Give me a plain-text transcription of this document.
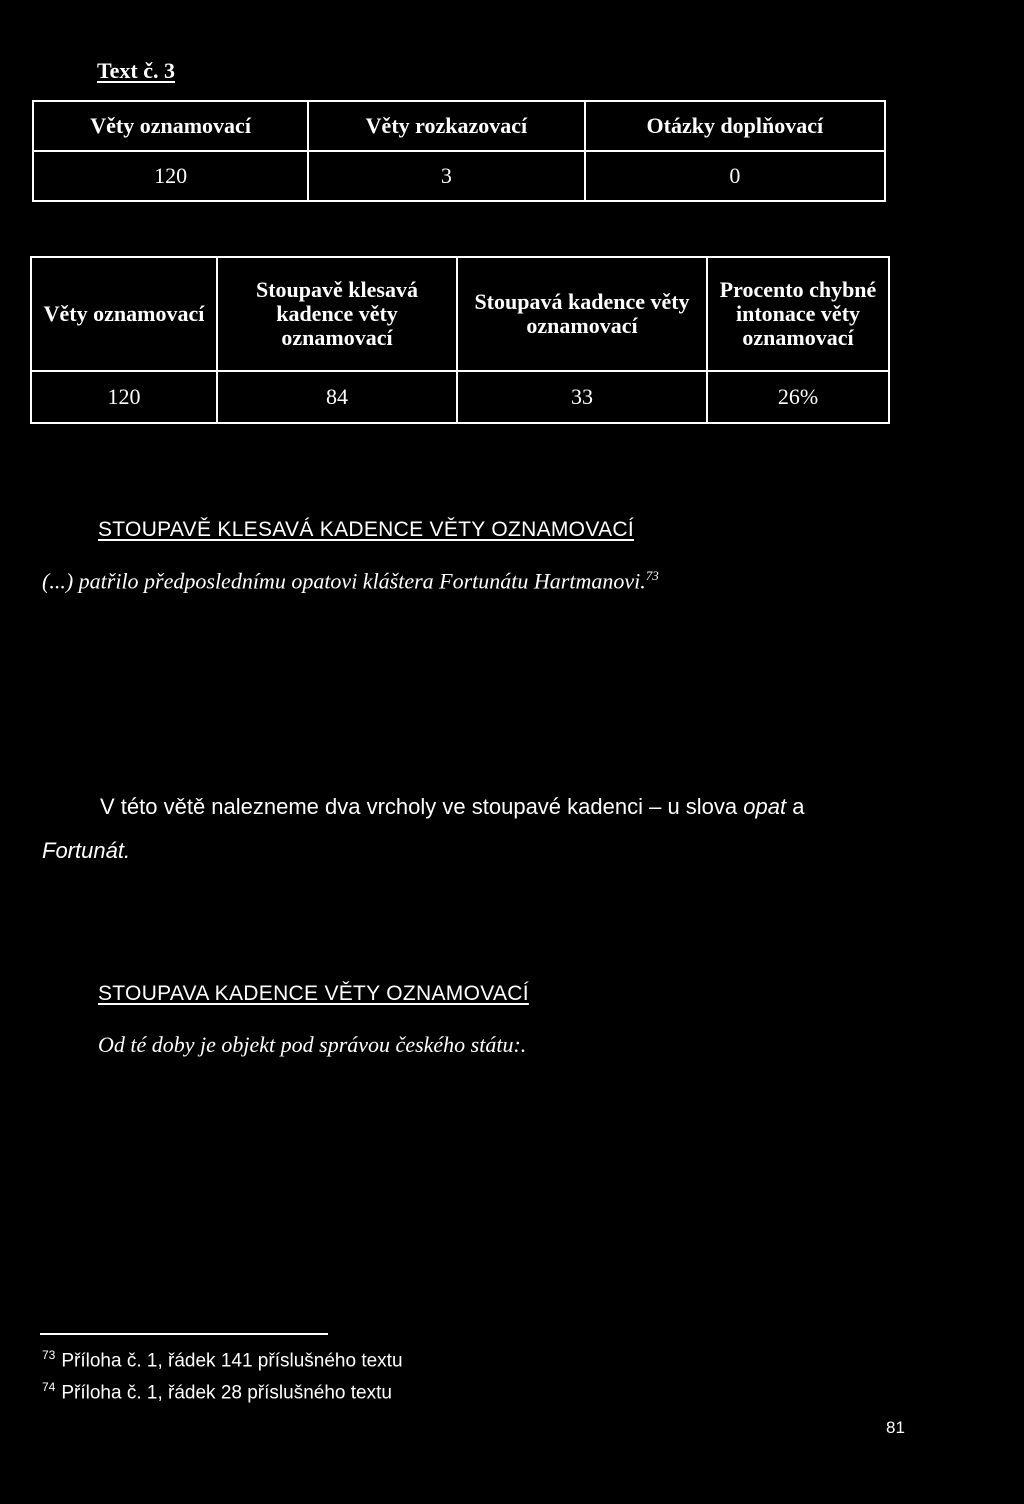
Text č. 3
Věty oznamovací	Věty rozkazovací	Otázky doplňovací
120	3	0
Věty oznamovací	Stoupavě klesavá kadence věty oznamovací	Stoupavá kadence věty oznamovací	Procento chybné intonace věty oznamovací
120	84	33	26%
STOUPAVĚ KLESAVÁ KADENCE VĚTY OZNAMOVACÍ
(...) patřilo předposlednímu opatovi kláštera Fortunátu Hartmanovi.$^{73}$
V této větě nalezneme dva vrcholy ve stoupavé kadenci – u slova opat a
Fortunát.
STOUPAVA KADENCE VĚTY OZNAMOVACÍ
Od té doby je objekt pod správou českého státu:.
$^{73}$ Příloha č. 1, řádek 141 příslušného textu
$^{74}$ Příloha č. 1, řádek 28 příslušného textu
81
